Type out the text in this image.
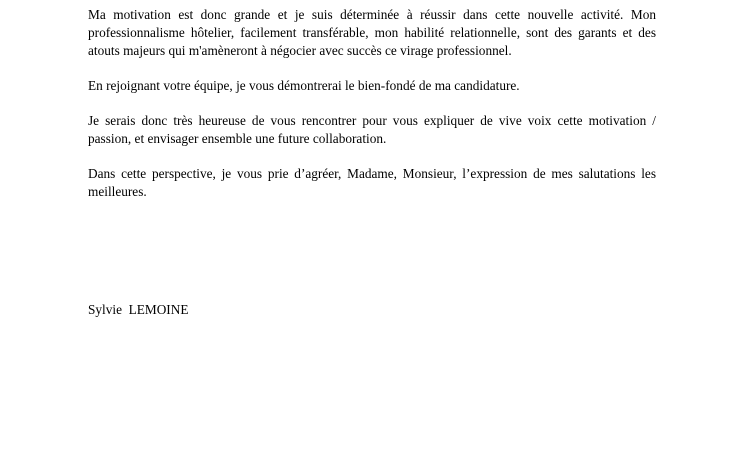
Ma motivation est donc grande et je suis déterminée à réussir dans cette nouvelle activité. Mon professionnalisme hôtelier, facilement transférable, mon habilité relationnelle, sont des garants et des atouts majeurs qui m'amèneront à négocier avec succès ce virage professionnel.

En rejoignant votre équipe, je vous démontrerai le bien-fondé de ma candidature.

Je serais donc très heureuse de vous rencontrer pour vous expliquer de vive voix cette motivation / passion, et envisager ensemble une future collaboration.

Dans cette perspective, je vous prie d’agréer, Madame, Monsieur, l’expression de mes salutations les meilleures.

Sylvie  LEMOINE
